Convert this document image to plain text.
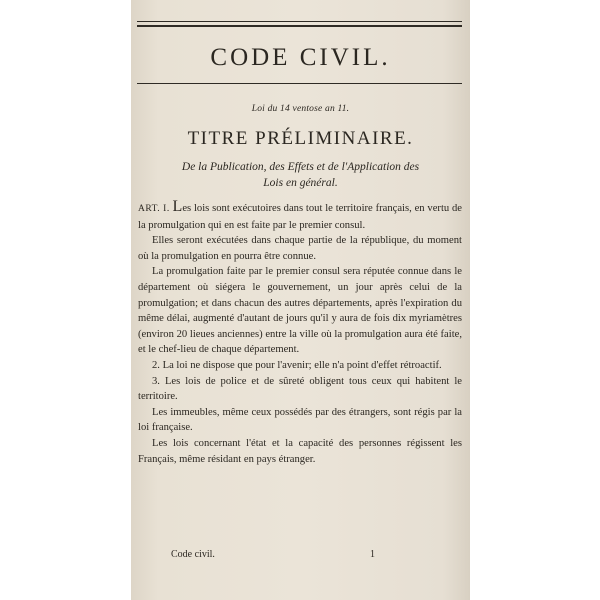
CODE CIVIL.
Loi du 14 ventose an 11.
TITRE PRÉLIMINAIRE.
De la Publication, des Effets et de l'Application des
Lois en général.

ART. I. Les lois sont exécutoires dans tout le territoire français, en vertu de la promulgation qui en est faite par le premier consul.

Elles seront exécutées dans chaque partie de la république, du moment où la promulgation en pourra être connue.

La promulgation faite par le premier consul sera réputée connue dans le département où siégera le gouvernement, un jour après celui de la promulgation; et dans chacun des autres départements, après l'expiration du même délai, augmenté d'autant de jours qu'il y aura de fois dix myriamètres (environ 20 lieues anciennes) entre la ville où la promulgation aura été faite, et le chef-lieu de chaque département.

2. La loi ne dispose que pour l'avenir; elle n'a point d'effet rétroactif.

3. Les lois de police et de sûreté obligent tous ceux qui habitent le territoire.

Les immeubles, même ceux possédés par des étrangers, sont régis par la loi française.

Les lois concernant l'état et la capacité des personnes régissent les Français, même résidant en pays étranger.

Code civil.	1
